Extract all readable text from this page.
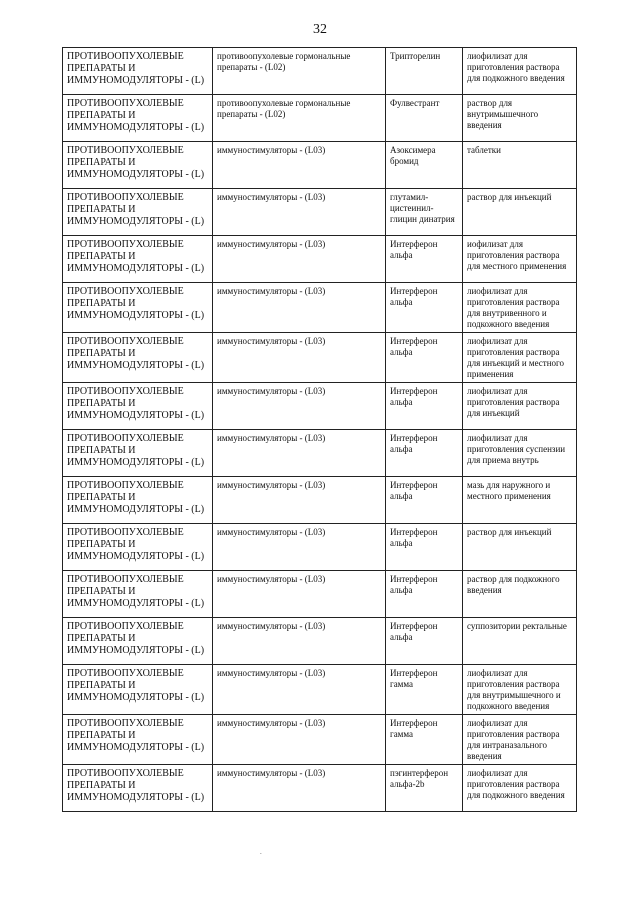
32
ПРОТИВООПУХОЛЕВЫЕ ПРЕПАРАТЫ И ИММУНОМОДУЛЯТОРЫ - (L)	противоопухолевые гормональные препараты - (L02)	Трипторелин	лиофилизат для приготовления раствора для подкожного введения
ПРОТИВООПУХОЛЕВЫЕ ПРЕПАРАТЫ И ИММУНОМОДУЛЯТОРЫ - (L)	противоопухолевые гормональные препараты - (L02)	Фулвестрант	раствор для внутримышечного введения
ПРОТИВООПУХОЛЕВЫЕ ПРЕПАРАТЫ И ИММУНОМОДУЛЯТОРЫ - (L)	иммуностимуляторы - (L03)	Азоксимера бромид	таблетки
ПРОТИВООПУХОЛЕВЫЕ ПРЕПАРАТЫ И ИММУНОМОДУЛЯТОРЫ - (L)	иммуностимуляторы - (L03)	глутамил-цистеинил-глицин динатрия	раствор для инъекций
ПРОТИВООПУХОЛЕВЫЕ ПРЕПАРАТЫ И ИММУНОМОДУЛЯТОРЫ - (L)	иммуностимуляторы - (L03)	Интерферон альфа	иофилизат для приготовления раствора для местного применения
ПРОТИВООПУХОЛЕВЫЕ ПРЕПАРАТЫ И ИММУНОМОДУЛЯТОРЫ - (L)	иммуностимуляторы - (L03)	Интерферон альфа	лиофилизат для приготовления раствора для внутривенного и подкожного введения
ПРОТИВООПУХОЛЕВЫЕ ПРЕПАРАТЫ И ИММУНОМОДУЛЯТОРЫ - (L)	иммуностимуляторы - (L03)	Интерферон альфа	лиофилизат для приготовления раствора для инъекций и местного применения
ПРОТИВООПУХОЛЕВЫЕ ПРЕПАРАТЫ И ИММУНОМОДУЛЯТОРЫ - (L)	иммуностимуляторы - (L03)	Интерферон альфа	лиофилизат для приготовления раствора для инъекций
ПРОТИВООПУХОЛЕВЫЕ ПРЕПАРАТЫ И ИММУНОМОДУЛЯТОРЫ - (L)	иммуностимуляторы - (L03)	Интерферон альфа	лиофилизат для приготовления суспензии для приема внутрь
ПРОТИВООПУХОЛЕВЫЕ ПРЕПАРАТЫ И ИММУНОМОДУЛЯТОРЫ - (L)	иммуностимуляторы - (L03)	Интерферон альфа	мазь для наружного и местного применения
ПРОТИВООПУХОЛЕВЫЕ ПРЕПАРАТЫ И ИММУНОМОДУЛЯТОРЫ - (L)	иммуностимуляторы - (L03)	Интерферон альфа	раствор для инъекций
ПРОТИВООПУХОЛЕВЫЕ ПРЕПАРАТЫ И ИММУНОМОДУЛЯТОРЫ - (L)	иммуностимуляторы - (L03)	Интерферон альфа	раствор для подкожного введения
ПРОТИВООПУХОЛЕВЫЕ ПРЕПАРАТЫ И ИММУНОМОДУЛЯТОРЫ - (L)	иммуностимуляторы - (L03)	Интерферон альфа	суппозитории ректальные
ПРОТИВООПУХОЛЕВЫЕ ПРЕПАРАТЫ И ИММУНОМОДУЛЯТОРЫ - (L)	иммуностимуляторы - (L03)	Интерферон гамма	лиофилизат для приготовления раствора для внутримышечного и подкожного введения
ПРОТИВООПУХОЛЕВЫЕ ПРЕПАРАТЫ И ИММУНОМОДУЛЯТОРЫ - (L)	иммуностимуляторы - (L03)	Интерферон гамма	лиофилизат для приготовления раствора для интраназального введения
ПРОТИВООПУХОЛЕВЫЕ ПРЕПАРАТЫ И ИММУНОМОДУЛЯТОРЫ - (L)	иммуностимуляторы - (L03)	пэгинтерферон альфа-2b	лиофилизат для приготовления раствора для подкожного введения
.
